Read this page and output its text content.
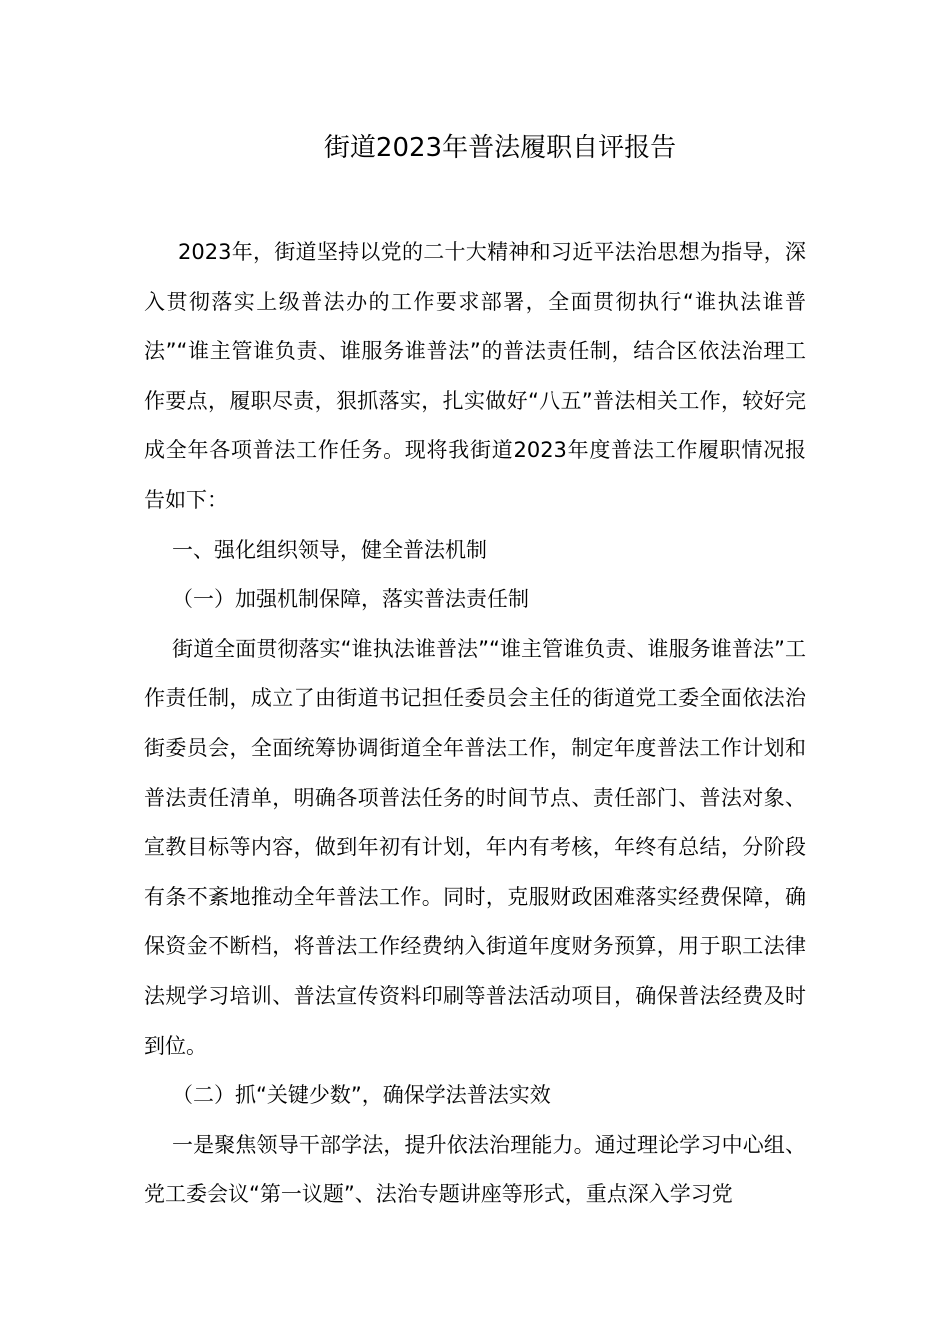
街道2023年普法履职自评报告

2023年，街道坚持以党的二十大精神和习近平法治思想为指导，深入贯彻落实上级普法办的工作要求部署，全面贯彻执行“谁执法谁普法”“谁主管谁负责、谁服务谁普法”的普法责任制，结合区依法治理工作要点，履职尽责，狠抓落实，扎实做好“八五”普法相关工作，较好完成全年各项普法工作任务。现将我街道2023年度普法工作履职情况报告如下：

一、强化组织领导，健全普法机制

（一）加强机制保障，落实普法责任制

街道全面贯彻落实“谁执法谁普法”“谁主管谁负责、谁服务谁普法”工作责任制，成立了由街道书记担任委员会主任的街道党工委全面依法治街委员会，全面统筹协调街道全年普法工作，制定年度普法工作计划和普法责任清单，明确各项普法任务的时间节点、责任部门、普法对象、宣教目标等内容，做到年初有计划，年内有考核，年终有总结，分阶段有条不紊地推动全年普法工作。同时，克服财政困难落实经费保障，确保资金不断档，将普法工作经费纳入街道年度财务预算，用于职工法律法规学习培训、普法宣传资料印刷等普法活动项目，确保普法经费及时到位。

（二）抓“关键少数”，确保学法普法实效

一是聚焦领导干部学法，提升依法治理能力。通过理论学习中心组、党工委会议“第一议题”、法治专题讲座等形式，重点深入学习党
